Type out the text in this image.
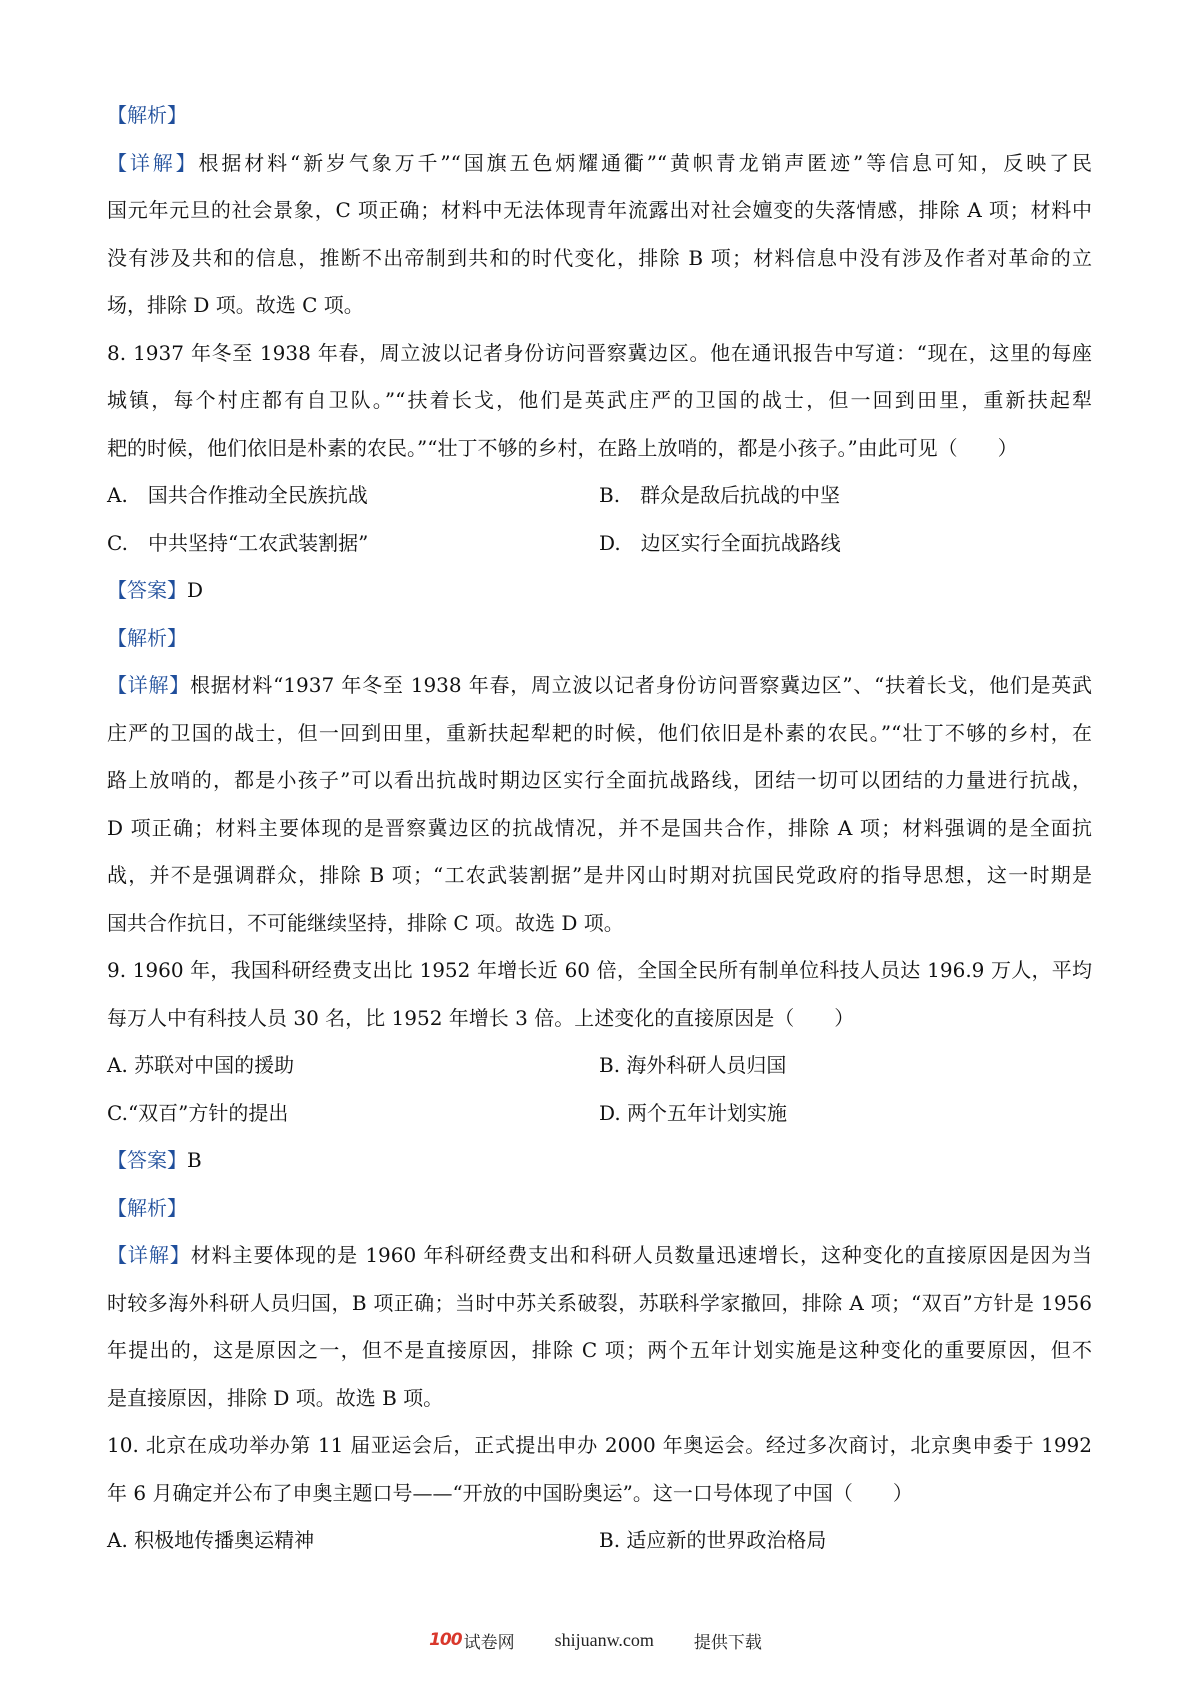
【解析】
【详解】根据材料“新岁气象万千”“国旗五色炳耀通衢”“黄帜青龙销声匿迹”等信息可知，反映了民
国元年元旦的社会景象，C 项正确；材料中无法体现青年流露出对社会嬗变的失落情感，排除 A 项；材料中
没有涉及共和的信息，推断不出帝制到共和的时代变化，排除 B 项；材料信息中没有涉及作者对革命的立
场，排除 D 项。故选 C 项。
8. 1937 年冬至 1938 年春，周立波以记者身份访问晋察冀边区。他在通讯报告中写道：“现在，这里的每座
城镇，每个村庄都有自卫队。”“扶着长戈，他们是英武庄严的卫国的战士，但一回到田里，重新扶起犁
耙的时候，他们依旧是朴素的农民。”“壮丁不够的乡村，在路上放哨的，都是小孩子。”由此可见（　　）
A.　国共合作推动全民族抗战	B.　群众是敌后抗战的中坚
C.　中共坚持“工农武装割据”	D.　边区实行全面抗战路线
【答案】D
【解析】
【详解】根据材料“1937 年冬至 1938 年春，周立波以记者身份访问晋察冀边区”、“扶着长戈，他们是英武
庄严的卫国的战士，但一回到田里，重新扶起犁耙的时候，他们依旧是朴素的农民。”“壮丁不够的乡村，在
路上放哨的，都是小孩子”可以看出抗战时期边区实行全面抗战路线，团结一切可以团结的力量进行抗战，
D 项正确；材料主要体现的是晋察冀边区的抗战情况，并不是国共合作，排除 A 项；材料强调的是全面抗
战，并不是强调群众，排除 B 项；“工农武装割据”是井冈山时期对抗国民党政府的指导思想，这一时期是
国共合作抗日，不可能继续坚持，排除 C 项。故选 D 项。
9. 1960 年，我国科研经费支出比 1952 年增长近 60 倍，全国全民所有制单位科技人员达 196.9 万人，平均
每万人中有科技人员 30 名，比 1952 年增长 3 倍。上述变化的直接原因是（　　）
A. 苏联对中国的援助	B. 海外科研人员归国
C.“双百”方针的提出	D. 两个五年计划实施
【答案】B
【解析】
【详解】材料主要体现的是 1960 年科研经费支出和科研人员数量迅速增长，这种变化的直接原因是因为当
时较多海外科研人员归国，B 项正确；当时中苏关系破裂，苏联科学家撤回，排除 A 项；“双百”方针是 1956
年提出的，这是原因之一，但不是直接原因，排除 C 项；两个五年计划实施是这种变化的重要原因，但不
是直接原因，排除 D 项。故选 B 项。
10. 北京在成功举办第 11 届亚运会后，正式提出申办 2000 年奥运会。经过多次商讨，北京奥申委于 1992
年 6 月确定并公布了申奥主题口号——“开放的中国盼奥运”。这一口号体现了中国（　　）
A. 积极地传播奥运精神	B. 适应新的世界政治格局
100 试卷网 shijuanw.com 提供下载
